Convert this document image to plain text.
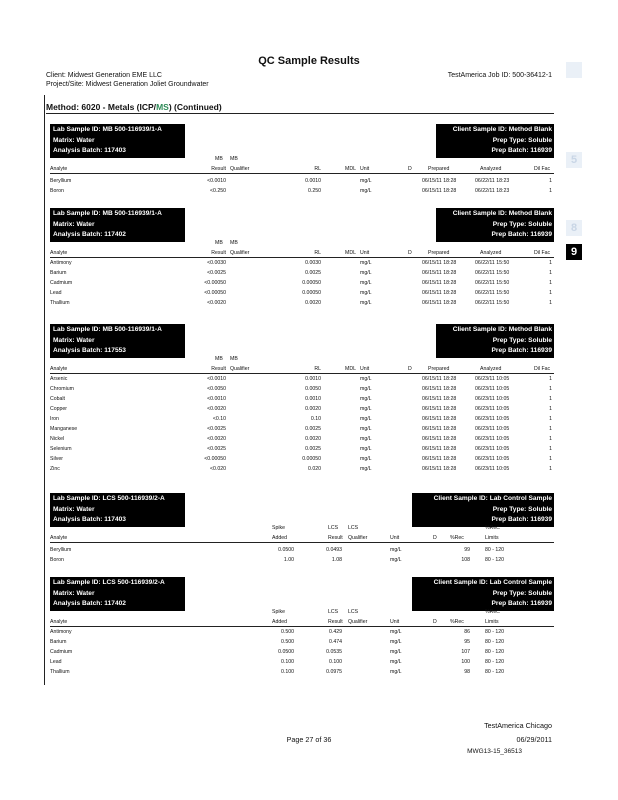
QC Sample Results
Client: Midwest Generation EME LLC
Project/Site: Midwest Generation Joliet Groundwater
TestAmerica Job ID: 500-36412-1
Method: 6020 - Metals (ICP/MS) (Continued)
Lab Sample ID: MB 500-116939/1-A
Matrix: Water
Analysis Batch: 117403
Client Sample ID: Method Blank
Prep Type: Soluble
Prep Batch: 116939
MB MB
Analyte	Result Qualifier	RL	MDL Unit	D	Prepared	Analyzed	Dil Fac
Beryllium	<0.0010	0.0010	mg/L	06/15/11 18:28	06/22/11 18:23	1
Boron	<0.250	0.250	mg/L	06/15/11 18:28	06/22/11 18:23	1
Lab Sample ID: MB 500-116939/1-A
Matrix: Water
Analysis Batch: 117402
Client Sample ID: Method Blank
Prep Type: Soluble
Prep Batch: 116939
MB MB
Analyte	Result Qualifier	RL	MDL Unit	D	Prepared	Analyzed	Dil Fac
Antimony	<0.0030	0.0030	mg/L	06/15/11 18:28	06/22/11 15:50	1
Barium	<0.0025	0.0025	mg/L	06/15/11 18:28	06/22/11 15:50	1
Cadmium	<0.00050	0.00050	mg/L	06/15/11 18:28	06/22/11 15:50	1
Lead	<0.00050	0.00050	mg/L	06/15/11 18:28	06/22/11 15:50	1
Thallium	<0.0020	0.0020	mg/L	06/15/11 18:28	06/22/11 15:50	1
Lab Sample ID: MB 500-116939/1-A
Matrix: Water
Analysis Batch: 117553
Client Sample ID: Method Blank
Prep Type: Soluble
Prep Batch: 116939
MB MB
Analyte	Result Qualifier	RL	MDL Unit	D	Prepared	Analyzed	Dil Fac
Arsenic	<0.0010	0.0010	mg/L	06/15/11 18:28	06/23/11 10:05	1
Chromium	<0.0050	0.0050	mg/L	06/15/11 18:28	06/23/11 10:05	1
Cobalt	<0.0010	0.0010	mg/L	06/15/11 18:28	06/23/11 10:05	1
Copper	<0.0020	0.0020	mg/L	06/15/11 18:28	06/23/11 10:05	1
Iron	<0.10	0.10	mg/L	06/15/11 18:28	06/23/11 10:05	1
Manganese	<0.0025	0.0025	mg/L	06/15/11 18:28	06/23/11 10:05	1
Nickel	<0.0020	0.0020	mg/L	06/15/11 18:28	06/23/11 10:05	1
Selenium	<0.0025	0.0025	mg/L	06/15/11 18:28	06/23/11 10:05	1
Silver	<0.00050	0.00050	mg/L	06/15/11 18:28	06/23/11 10:05	1
Zinc	<0.020	0.020	mg/L	06/15/11 18:28	06/23/11 10:05	1
Lab Sample ID: LCS 500-116939/2-A
Matrix: Water
Analysis Batch: 117403
Client Sample ID: Lab Control Sample
Prep Type: Soluble
Prep Batch: 116939
Spike	LCS LCS	%Rec.
Analyte	Added	Result Qualifier	Unit	D	%Rec	Limits
Beryllium	0.0500	0.0493	mg/L	99	80 - 120
Boron	1.00	1.08	mg/L	108	80 - 120
Lab Sample ID: LCS 500-116939/2-A
Matrix: Water
Analysis Batch: 117402
Client Sample ID: Lab Control Sample
Prep Type: Soluble
Prep Batch: 116939
Spike	LCS LCS	%Rec.
Analyte	Added	Result Qualifier	Unit	D	%Rec	Limits
Antimony	0.500	0.429	mg/L	86	80 - 120
Barium	0.500	0.474	mg/L	95	80 - 120
Cadmium	0.0500	0.0535	mg/L	107	80 - 120
Lead	0.100	0.100	mg/L	100	80 - 120
Thallium	0.100	0.0975	mg/L	98	80 - 120
5
8
9
TestAmerica Chicago
Page 27 of 36	06/29/2011
MWG13-15_36513
